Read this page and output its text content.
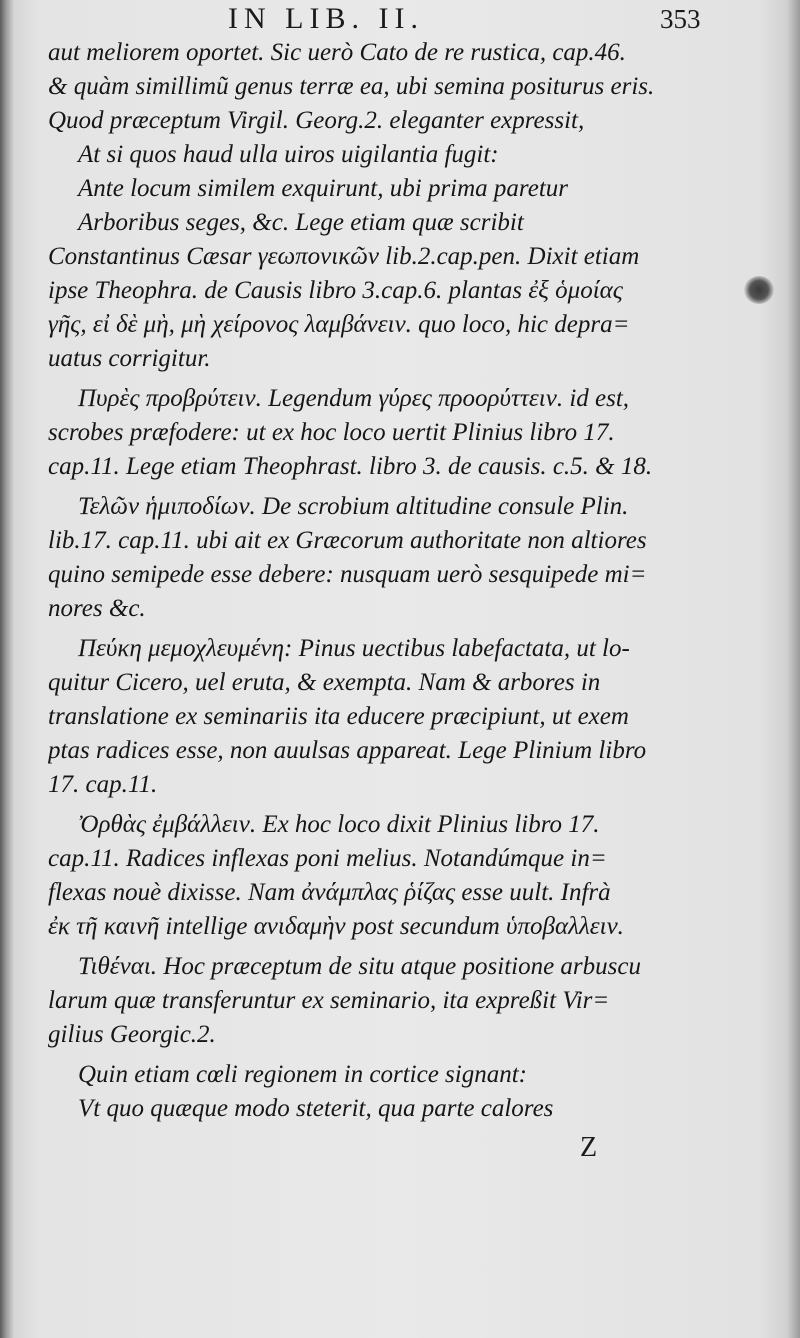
IN LIB. II.	353
aut meliorem oportet. Sic uerò Cato de re rustica, cap.46.
& quàm simillimũ genus terræ ea, ubi semina positurus eris.
Quod præceptum Virgil. Georg.2. eleganter expressit,
At si quos haud ulla uiros uigilantia fugit:
Ante locum similem exquirunt, ubi prima paretur
Arboribus seges, &c. Lege etiam quæ scribit
Constantinus Cæsar γεωπονικῶν lib.2.cap.pen. Dixit etiam
ipse Theophra. de Causis libro 3.cap.6. plantas ἐξ ὁμοίας
γῆς, εἰ δὲ μὴ, μὴ χείρονος λαμβάνειν. quo loco, hic depra=
uatus corrigitur.
Πυρὲς προβρύτειν. Legendum γύρες προορύττειν. id est,
scrobes præfodere: ut ex hoc loco uertit Plinius libro 17.
cap.11. Lege etiam Theophrast. libro 3. de causis. c.5. & 18.
Τελῶν ἡμιποδίων. De scrobium altitudine consule Plin.
lib.17. cap.11. ubi ait ex Græcorum authoritate non altiores
quino semipede esse debere: nusquam uerò sesquipede mi=
nores &c.
Πεύκη μεμοχλευμένη: Pinus uectibus labefactata, ut lo-
quitur Cicero, uel eruta, & exempta. Nam & arbores in
translatione ex seminariis ita educere præcipiunt, ut exem
ptas radices esse, non auulsas appareat. Lege Plinium libro
17. cap.11.
Ὀρθὰς ἐμβάλλειν. Ex hoc loco dixit Plinius libro 17.
cap.11. Radices inflexas poni melius. Notandúmque in=
flexas nouè dixisse. Nam ἀνάμπλας ῥίζας esse uult. Infrà
ἐκ τῆ καινῆ intellige ανιδαμὴν post secundum ὑποβαλλειν.
Τιθέναι. Hoc præceptum de situ atque positione arbuscu
larum quæ transferuntur ex seminario, ita expreßit Vir=
gilius Georgic.2.
Quin etiam cœli regionem in cortice signant:
Vt quo quæque modo steterit, qua parte calores
Z
